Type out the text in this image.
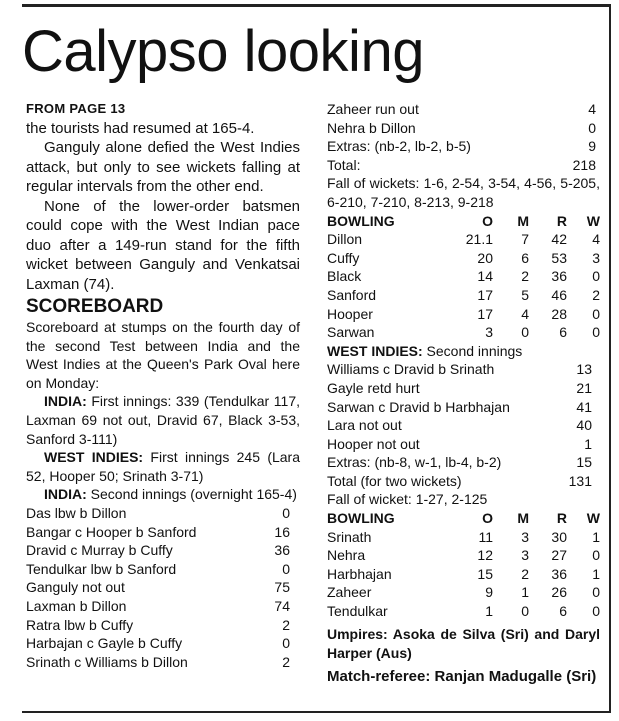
Calypso looking
FROM PAGE 13

the tourists had resumed at 165-4.

Ganguly alone defied the West Indies attack, but only to see wickets falling at regular intervals from the other end.

None of the lower-order batsmen could cope with the West Indian pace duo after a 149-run stand for the fifth wicket between Ganguly and Venkatsai Laxman (74).

SCOREBOARD

Scoreboard at stumps on the fourth day of the second Test between India and the West Indies at the Queen's Park Oval here on Monday:

INDIA: First innings: 339 (Tendulkar 117, Laxman 69 not out, Dravid 67, Black 3-53, Sanford 3-111)

WEST INDIES: First innings 245 (Lara 52, Hooper 50; Srinath 3-71)

INDIA: Second innings (overnight 165-4)

Das lbw b Dillon	0
Bangar c Hooper b Sanford	16
Dravid c Murray b Cuffy	36
Tendulkar lbw b Sanford	0
Ganguly not out	75
Laxman b Dillon	74
Ratra lbw b Cuffy	2
Harbajan c Gayle b Cuffy	0
Srinath c Williams b Dillon	2
Zaheer run out	4
Nehra b Dillon	0
Extras: (nb-2, lb-2, b-5)	9
Total:	218

Fall of wickets: 1-6, 2-54, 3-54, 4-56, 5-205, 6-210, 7-210, 8-213, 9-218

BOWLING	O	M	R	W
Dillon	21.1	7	42	4
Cuffy	20	6	53	3
Black	14	2	36	0
Sanford	17	5	46	2
Hooper	17	4	28	0
Sarwan	3	0	6	0

WEST INDIES: Second innings

Williams c Dravid b Srinath	13
Gayle retd hurt	21
Sarwan c Dravid b Harbhajan	41
Lara not out	40
Hooper not out	1
Extras: (nb-8, w-1, lb-4, b-2)	15
Total (for two wickets)	131

Fall of wicket: 1-27, 2-125

BOWLING	O	M	R	W
Srinath	11	3	30	1
Nehra	12	3	27	0
Harbhajan	15	2	36	1
Zaheer	9	1	26	0
Tendulkar	1	0	6	0
Umpires: Asoka de Silva (Sri) and Daryl Harper (Aus)
Match-referee: Ranjan Madugalle (Sri)
